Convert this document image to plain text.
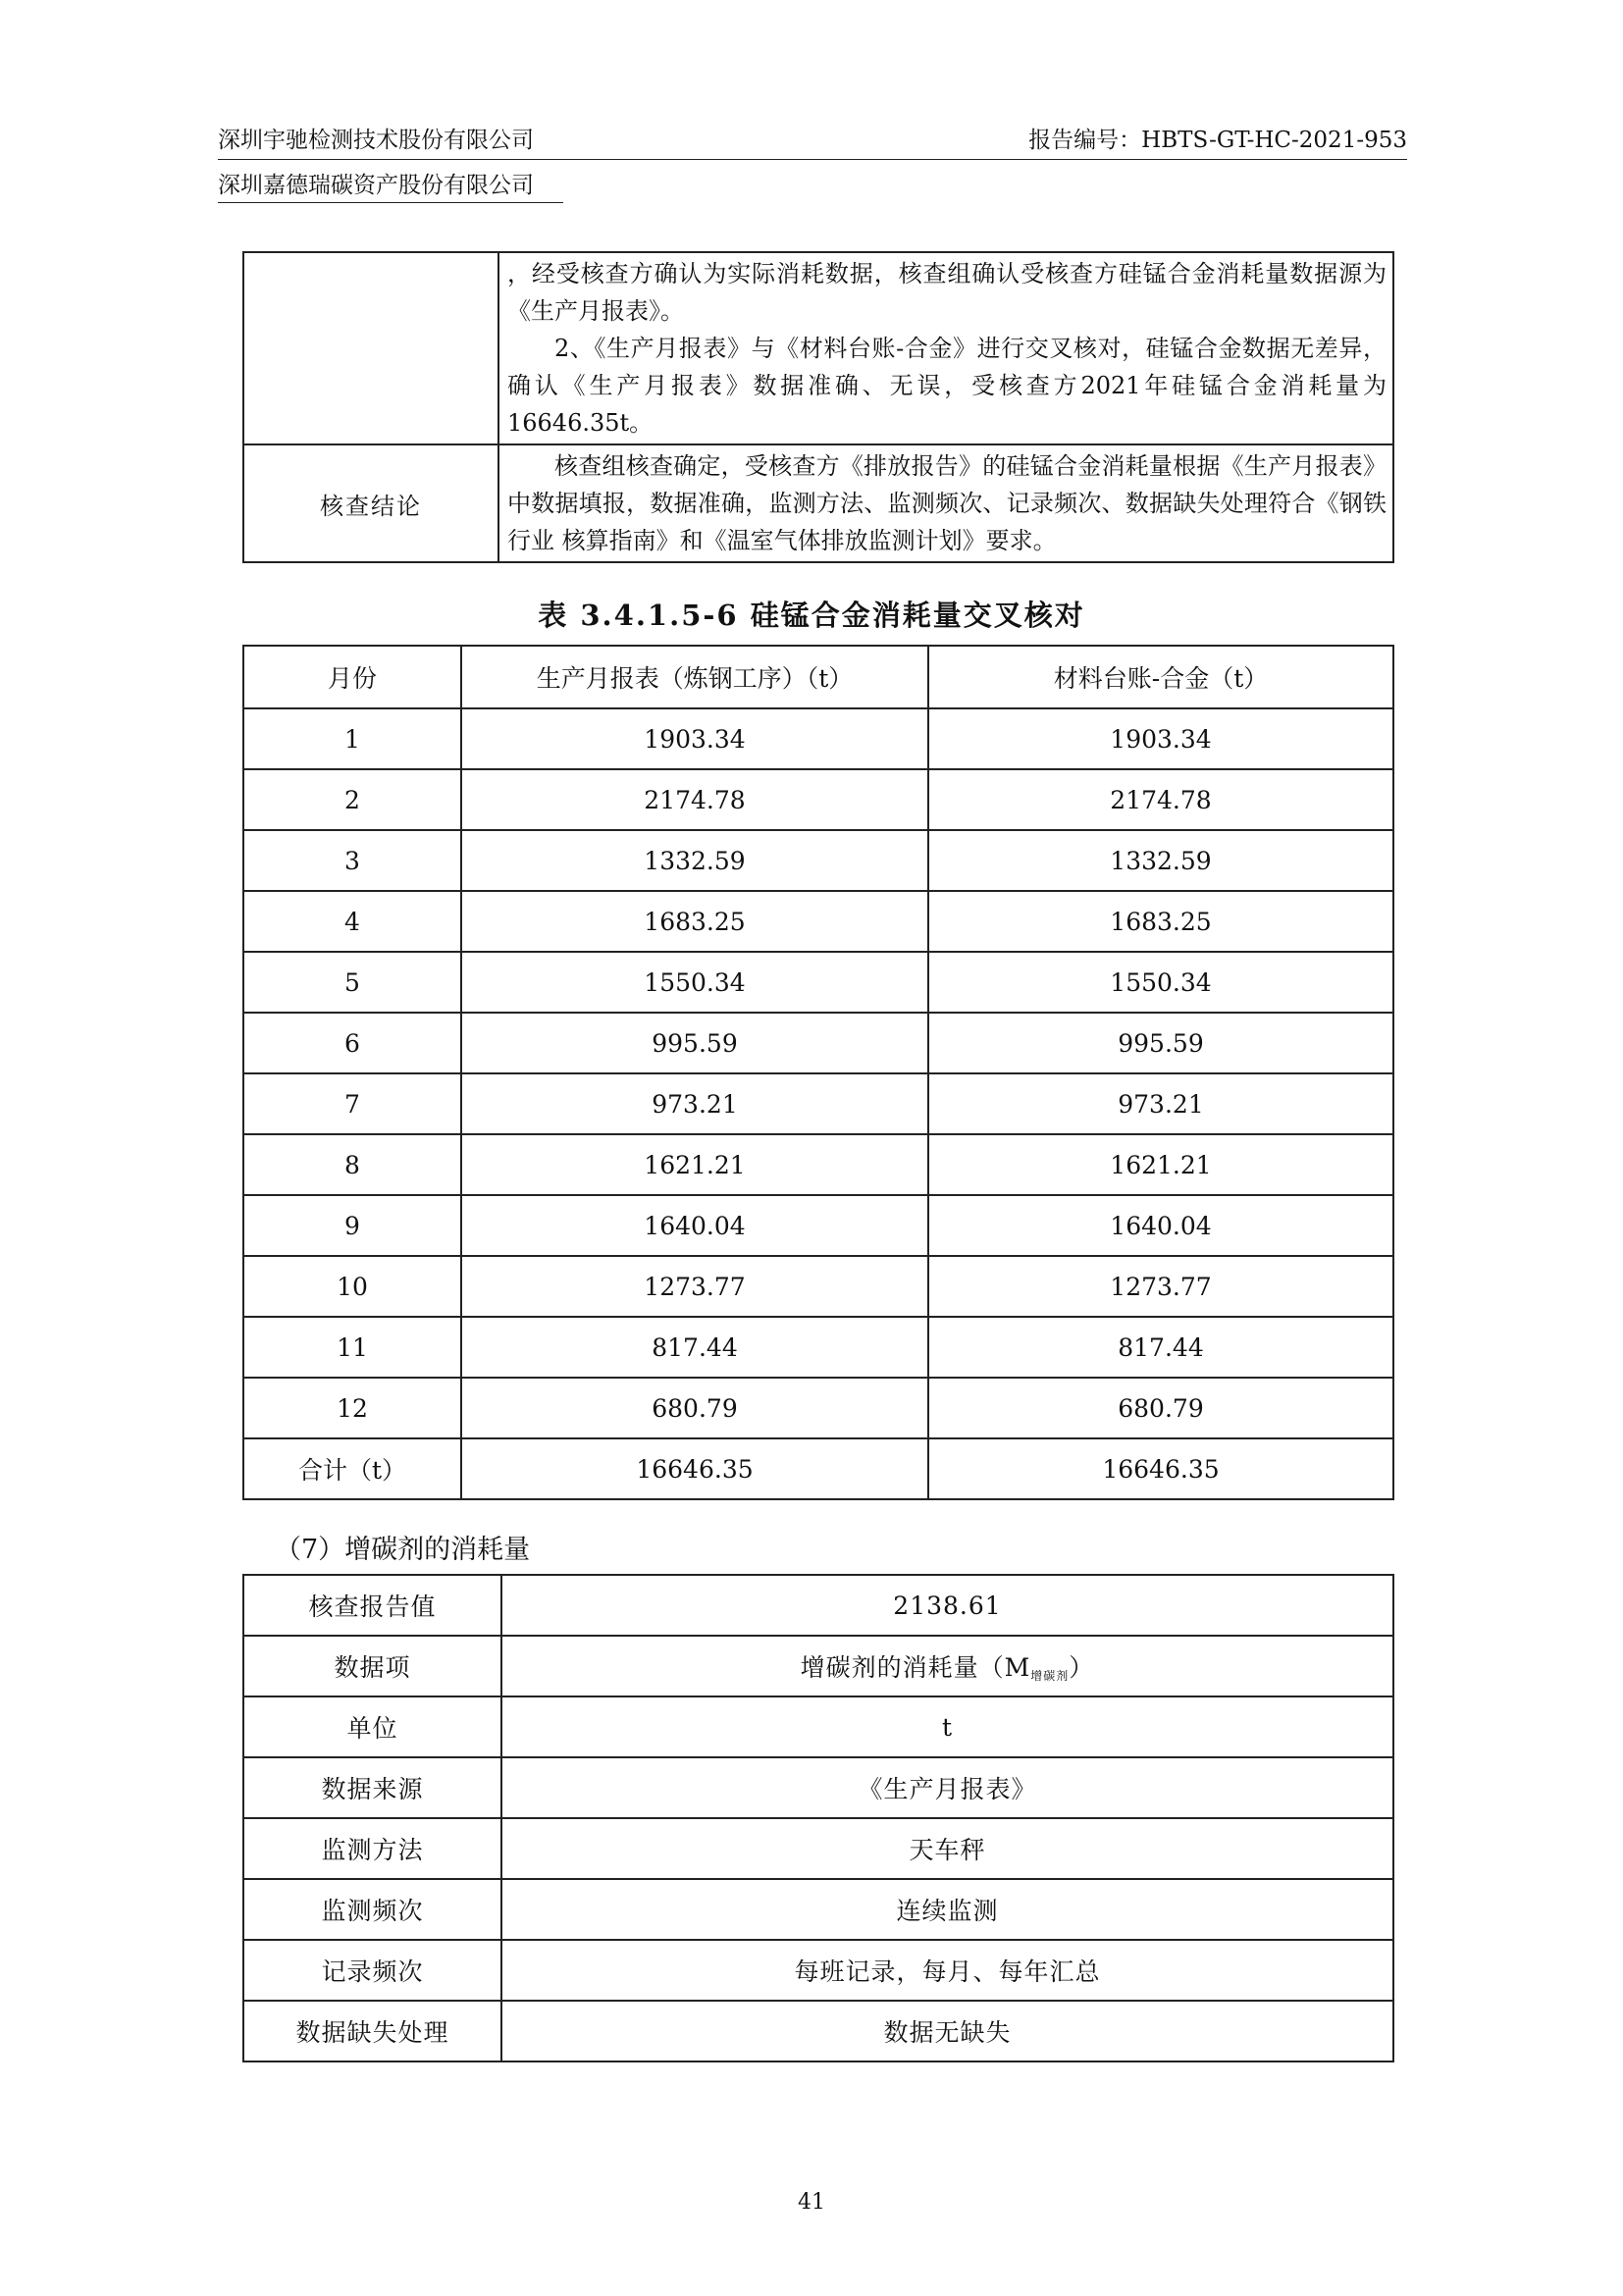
深圳宇驰检测技术股份有限公司	报告编号：HBTS-GT-HC-2021-953
深圳嘉德瑞碳资产股份有限公司

	，经受核查方确认为实际消耗数据，核查组确认受核查方硅锰合金消耗量数据源为《生产月报表》。

2、《生产月报表》与《材料台账-合金》进行交叉核对，硅锰合金数据无差异，确认《生产月报表》数据准确、无误，受核查方2021年硅锰合金消耗量为16646.35t。

核查结论	核查组核查确定，受核查方《排放报告》的硅锰合金消耗量根据《生产月报表》中数据填报，数据准确，监测方法、监测频次、记录频次、数据缺失处理符合《钢铁行业 核算指南》和《温室气体排放监测计划》要求。

表 3.4.1.5-6 硅锰合金消耗量交叉核对
月份	生产月报表（炼钢工序）（t）	材料台账-合金（t）
1	1903.34	1903.34
2	2174.78	2174.78
3	1332.59	1332.59
4	1683.25	1683.25
5	1550.34	1550.34
6	995.59	995.59
7	973.21	973.21
8	1621.21	1621.21
9	1640.04	1640.04
10	1273.77	1273.77
11	817.44	817.44
12	680.79	680.79
合计（t）	16646.35	16646.35
（7）增碳剂的消耗量
核查报告值	2138.61
数据项	增碳剂的消耗量$(M_{增碳剂})$
单位	t
数据来源	《生产月报表》
监测方法	天车秤
监测频次	连续监测
记录频次	每班记录，每月、每年汇总
数据缺失处理	数据无缺失
41
